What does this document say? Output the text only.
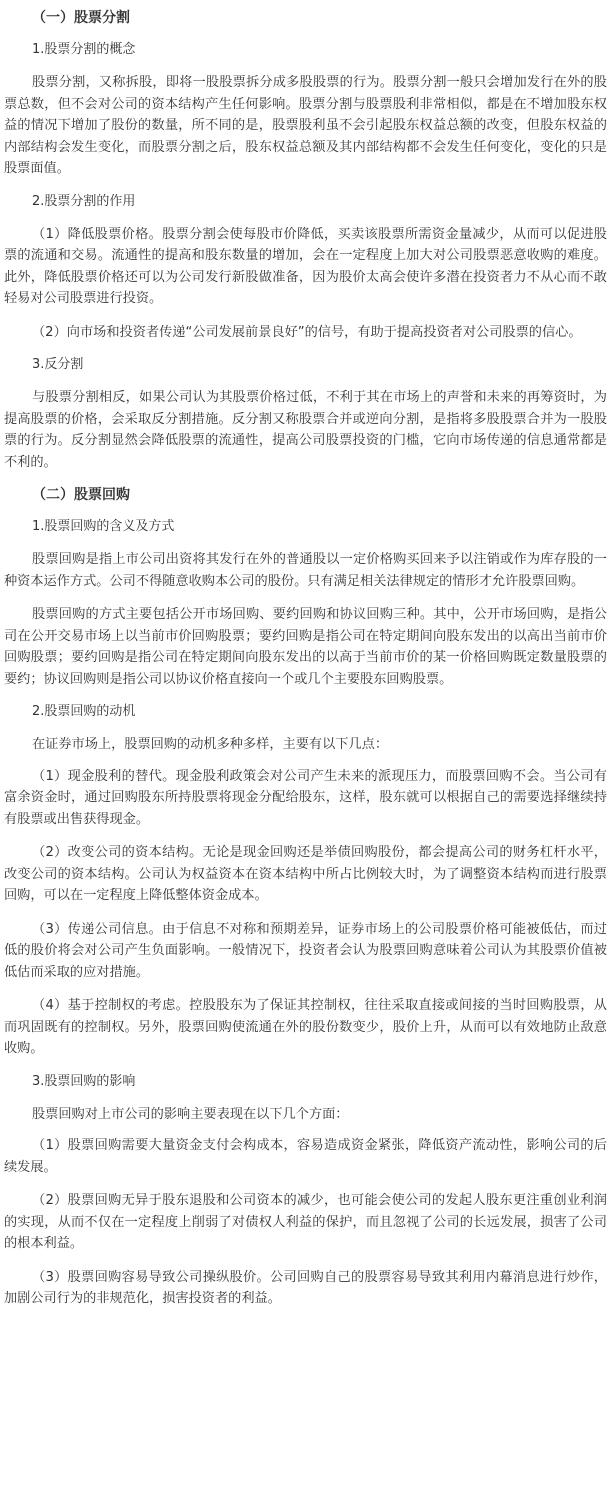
（一）股票分割
1.股票分割的概念

股票分割，又称拆股，即将一股股票拆分成多股股票的行为。股票分割一般只会增加发行在外的股票总数，但不会对公司的资本结构产生任何影响。股票分割与股票股利非常相似，都是在不增加股东权益的情况下增加了股份的数量，所不同的是，股票股利虽不会引起股东权益总额的改变，但股东权益的内部结构会发生变化，而股票分割之后，股东权益总额及其内部结构都不会发生任何变化，变化的只是股票面值。

2.股票分割的作用

（1）降低股票价格。股票分割会使每股市价降低，买卖该股票所需资金量减少，从而可以促进股票的流通和交易。流通性的提高和股东数量的增加，会在一定程度上加大对公司股票恶意收购的难度。此外，降低股票价格还可以为公司发行新股做准备，因为股价太高会使许多潜在投资者力不从心而不敢轻易对公司股票进行投资。

（2）向市场和投资者传递“公司发展前景良好”的信号，有助于提高投资者对公司股票的信心。

3.反分割

与股票分割相反，如果公司认为其股票价格过低，不利于其在市场上的声誉和未来的再筹资时，为提高股票的价格，会采取反分割措施。反分割又称股票合并或逆向分割，是指将多股股票合并为一股股票的行为。反分割显然会降低股票的流通性，提高公司股票投资的门槛，它向市场传递的信息通常都是不利的。

（二）股票回购
1.股票回购的含义及方式

股票回购是指上市公司出资将其发行在外的普通股以一定价格购买回来予以注销或作为库存股的一种资本运作方式。公司不得随意收购本公司的股份。只有满足相关法律规定的情形才允许股票回购。

股票回购的方式主要包括公开市场回购、要约回购和协议回购三种。其中，公开市场回购，是指公司在公开交易市场上以当前市价回购股票；要约回购是指公司在特定期间向股东发出的以高出当前市价回购股票；要约回购是指公司在特定期间向股东发出的以高于当前市价的某一价格回购既定数量股票的要约；协议回购则是指公司以协议价格直接向一个或几个主要股东回购股票。

2.股票回购的动机

在证券市场上，股票回购的动机多种多样，主要有以下几点：

（1）现金股利的替代。现金股利政策会对公司产生未来的派现压力，而股票回购不会。当公司有富余资金时，通过回购股东所持股票将现金分配给股东，这样，股东就可以根据自己的需要选择继续持有股票或出售获得现金。

（2）改变公司的资本结构。无论是现金回购还是举债回购股份，都会提高公司的财务杠杆水平，改变公司的资本结构。公司认为权益资本在资本结构中所占比例较大时，为了调整资本结构而进行股票回购，可以在一定程度上降低整体资金成本。

（3）传递公司信息。由于信息不对称和预期差异，证券市场上的公司股票价格可能被低估，而过低的股价将会对公司产生负面影响。一般情况下，投资者会认为股票回购意味着公司认为其股票价值被低估而采取的应对措施。

（4）基于控制权的考虑。控股股东为了保证其控制权，往往采取直接或间接的当时回购股票，从而巩固既有的控制权。另外，股票回购使流通在外的股份数变少，股价上升，从而可以有效地防止敌意收购。

3.股票回购的影响

股票回购对上市公司的影响主要表现在以下几个方面：

（1）股票回购需要大量资金支付会构成本，容易造成资金紧张，降低资产流动性，影响公司的后续发展。

（2）股票回购无异于股东退股和公司资本的减少，也可能会使公司的发起人股东更注重创业利润的实现，从而不仅在一定程度上削弱了对债权人利益的保护，而且忽视了公司的长远发展，损害了公司的根本利益。

（3）股票回购容易导致公司操纵股价。公司回购自己的股票容易导致其利用内幕消息进行炒作，加剧公司行为的非规范化，损害投资者的利益。
